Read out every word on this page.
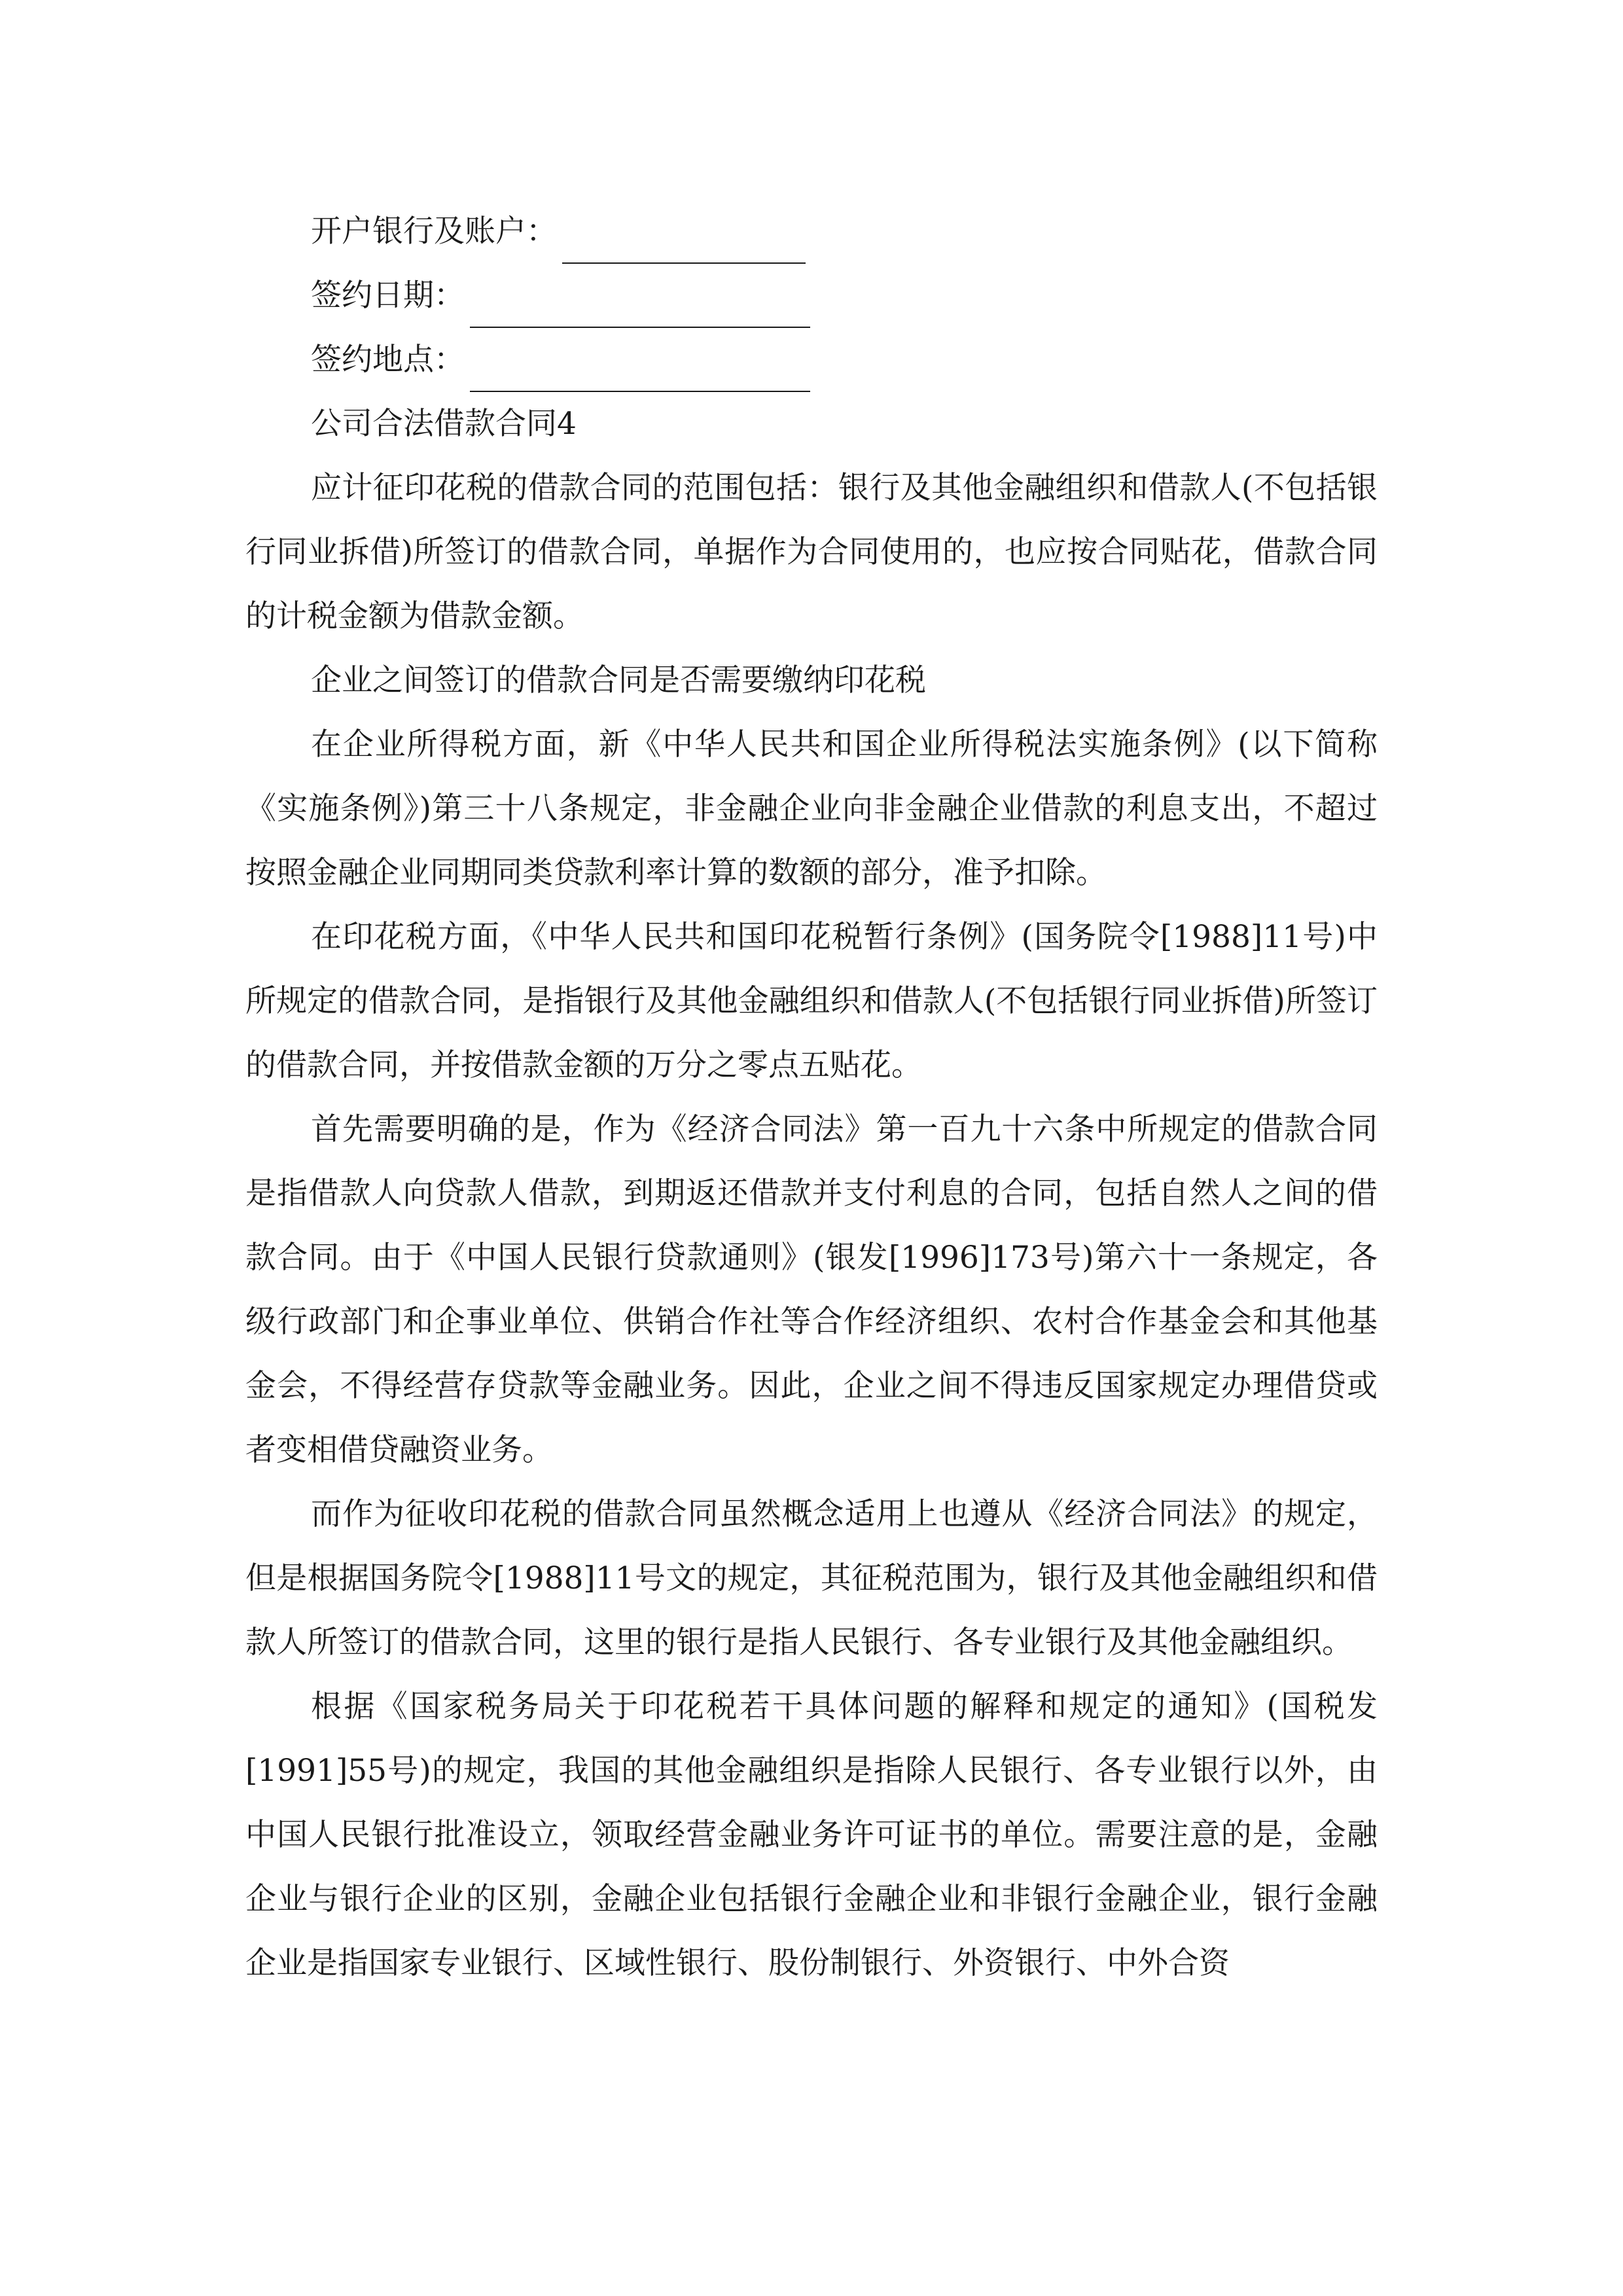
开户银行及账户：
签约日期：
签约地点：
公司合法借款合同4

应计征印花税的借款合同的范围包括：银行及其他金融组织和借款人(不包括银行同业拆借)所签订的借款合同，单据作为合同使用的，也应按合同贴花，借款合同的计税金额为借款金额。

企业之间签订的借款合同是否需要缴纳印花税

在企业所得税方面，新《中华人民共和国企业所得税法实施条例》(以下简称《实施条例》)第三十八条规定，非金融企业向非金融企业借款的利息支出，不超过按照金融企业同期同类贷款利率计算的数额的部分，准予扣除。

在印花税方面，《中华人民共和国印花税暂行条例》(国务院令[1988]11号)中所规定的借款合同，是指银行及其他金融组织和借款人(不包括银行同业拆借)所签订的借款合同，并按借款金额的万分之零点五贴花。

首先需要明确的是，作为《经济合同法》第一百九十六条中所规定的借款合同是指借款人向贷款人借款，到期返还借款并支付利息的合同，包括自然人之间的借款合同。由于《中国人民银行贷款通则》(银发[1996]173号)第六十一条规定，各级行政部门和企事业单位、供销合作社等合作经济组织、农村合作基金会和其他基金会，不得经营存贷款等金融业务。因此，企业之间不得违反国家规定办理借贷或者变相借贷融资业务。

而作为征收印花税的借款合同虽然概念适用上也遵从《经济合同法》的规定，但是根据国务院令[1988]11号文的规定，其征税范围为，银行及其他金融组织和借款人所签订的借款合同，这里的银行是指人民银行、各专业银行及其他金融组织。

根据《国家税务局关于印花税若干具体问题的解释和规定的通知》(国税发[1991]55号)的规定，我国的其他金融组织是指除人民银行、各专业银行以外，由中国人民银行批准设立，领取经营金融业务许可证书的单位。需要注意的是，金融企业与银行企业的区别，金融企业包括银行金融企业和非银行金融企业，银行金融企业是指国家专业银行、区域性银行、股份制银行、外资银行、中外合资
